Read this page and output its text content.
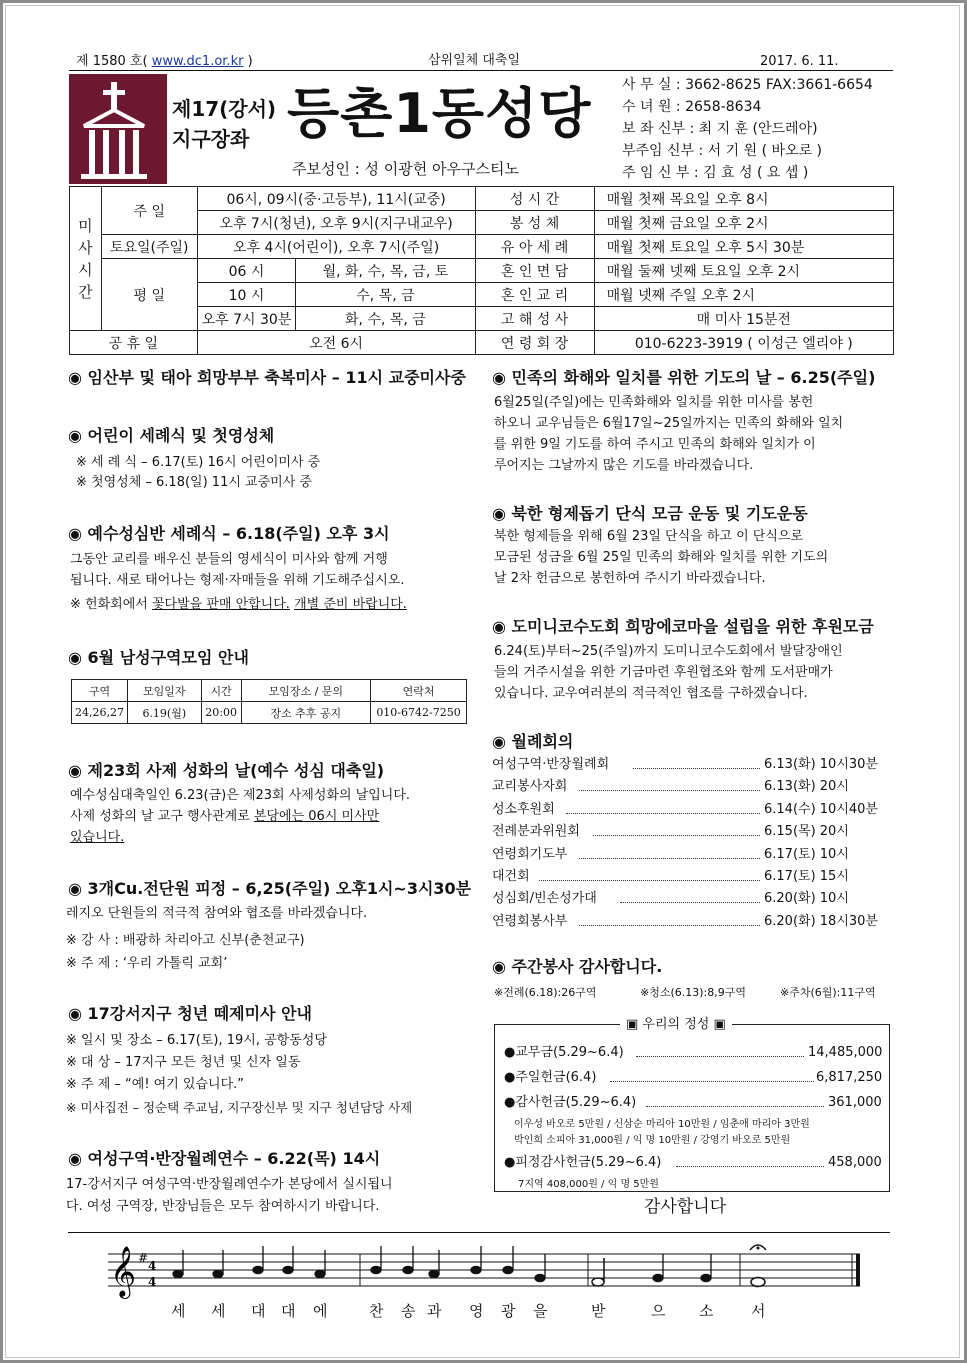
제 1580 호( www.dc1.or.kr )	삼위일체 대축일	2017. 6. 11.
제17(강서)
지구장좌 등촌1동성당
주보성인 : 성 이광헌 아우구스티노
사 무 실 : 3662-8625 FAX:3661-6654
수 녀 원 : 2658-8634
보 좌 신부 : 최 지 훈 (안드레아)
부주임 신부 : 서 기 원 ( 바오로 )
주 임 신 부 : 김 효 성 ( 요 셉 )
미
사
시
간	주 일	06시, 09시(중·고등부), 11시(교중)		성 시 간	매월 첫째 목요일 오후 8시
		오후 7시(청년), 오후 9시(지구내교우)		봉 성 체	매월 첫째 금요일 오후 2시
	토요일(주일)	오후 4시(어린이), 오후 7시(주일)		유 아 세 례	매월 첫째 토요일 오후 5시 30분
	평 일	06 시	월, 화, 수, 목, 금, 토	혼 인 면 담	매월 둘째 넷째 토요일 오후 2시
		10 시	수, 목, 금	혼 인 교 리	매월 넷째 주일 오후 2시
		오후 7시 30분	화, 수, 목, 금	고 해 성 사	매 미사 15분전
공 휴 일		오전 6시		연 령 회 장	010-6223-3919 ( 이성근 엘리야 )
◉ 임산부 및 태아 희망부부 축복미사 – 11시 교중미사중
◉ 어린이 세례식 및 첫영성체
※ 세 례 식 – 6.17(토) 16시 어린이미사 중
※ 첫영성체 – 6.18(일) 11시 교중미사 중
◉ 예수성심반 세례식 – 6.18(주일) 오후 3시
그동안 교리를 배우신 분들의 영세식이 미사와 함께 거행
됩니다. 새로 태어나는 형제·자매들을 위해 기도해주십시오.
※ 헌화회에서 꽃다발을 판매 안합니다. 개별 준비 바랍니다.
◉ 6월 남성구역모임 안내
구역	모임일자	시간	모임장소 / 문의	연락처
24,26,27	6.19(월)	20:00	장소 추후 공지	010-6742-7250
◉ 제23회 사제 성화의 날(예수 성심 대축일)
예수성심대축일인 6.23(금)은 제23회 사제성화의 날입니다.
사제 성화의 날 교구 행사관계로 본당에는 06시 미사만
있습니다.
◉ 3개Cu.전단원 피정 – 6,25(주일) 오후1시~3시30분
레지오 단원들의 적극적 참여와 협조를 바라겠습니다.
※ 강 사 : 배광하 차리아고 신부(춘천교구)
※ 주 제 : ‘우리 가톨릭 교회’
◉ 17강서지구 청년 떼제미사 안내
※ 일시 및 장소 – 6.17(토), 19시, 공항동성당
※ 대 상 – 17지구 모든 청년 및 신자 일동
※ 주 제 – “예! 여기 있습니다.”
※ 미사집전 – 정순택 주교님, 지구장신부 및 지구 청년담당 사제
◉ 여성구역·반장월례연수 – 6.22(목) 14시
17-강서지구 여성구역·반장월례연수가 본당에서 실시됩니
다. 여성 구역장, 반장님들은 모두 참여하시기 바랍니다.
◉ 민족의 화해와 일치를 위한 기도의 날 – 6.25(주일)
6월25일(주일)에는 민족화해와 일치를 위한 미사를 봉헌
하오니 교우님들은 6월17일~25일까지는 민족의 화해와 일치
를 위한 9일 기도를 하여 주시고 민족의 화해와 일치가 이
루어지는 그날까지 많은 기도를 바라겠습니다.
◉ 북한 형제돕기 단식 모금 운동 및 기도운동
북한 형제들을 위해 6월 23일 단식을 하고 이 단식으로
모금된 성금을 6월 25일 민족의 화해와 일치를 위한 기도의
날 2차 헌금으로 봉헌하여 주시기 바라겠습니다.
◉ 도미니코수도회 희망에코마을 설립을 위한 후원모금
6.24(토)부터~25(주일)까지 도미니코수도회에서 발달장애인
들의 거주시설을 위한 기금마련 후원협조와 함께 도서판매가
있습니다. 교우여러분의 적극적인 협조를 구하겠습니다.
◉ 월례회의
여성구역·반장월례회	6.13(화) 10시30분
교리봉사자회	6.13(화) 20시
성소후원회	6.14(수) 10시40분
전례분과위원회	6.15(목) 20시
연령회기도부	6.17(토) 10시
대건회	6.17(토) 15시
성심회/빈손성가대	6.20(화) 10시
연령회봉사부	6.20(화) 18시30분
◉ 주간봉사 감사합니다.
※전례(6.18):26구역	※청소(6.13):8,9구역	※주차(6월):11구역
▣ 우리의 정성 ▣
●교무금(5.29~6.4)	14,485,000
●주일헌금(6.4)	6,817,250
●감사헌금(5.29~6.4)	361,000
이우성 바오로 5만원 / 신삼순 마리아 10만원 / 임춘애 마리아 3만원
박인희 소피아 31,000원 / 익 명 10만원 / 강영기 바오로 5만원
●피정감사헌금(5.29~6.4)	458,000
7지역 408,000원 / 익 명 5만원
감사합니다
𝄞 #
4
4
세 세 대 대 에	찬 송 과 영 광 을	받	으 소	서
